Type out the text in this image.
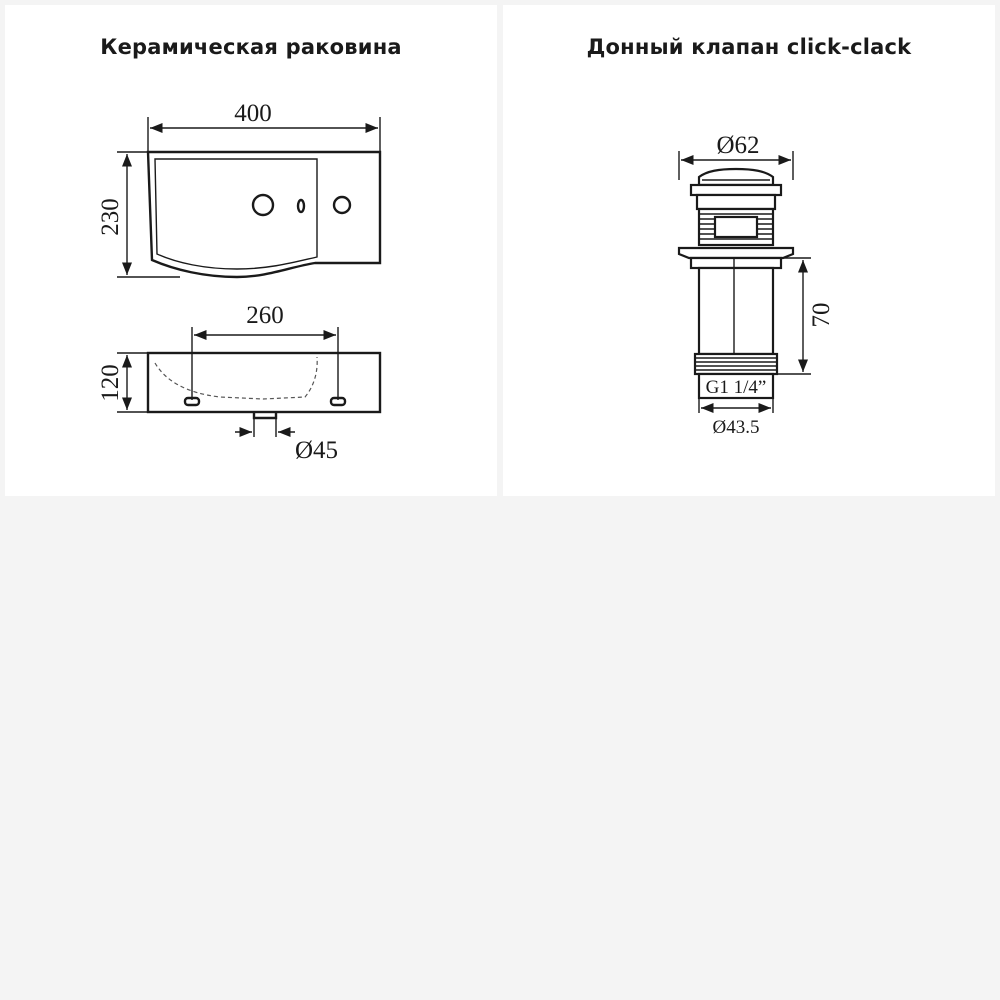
Керамическая раковина
400
230
260
120
Ø45
Донный клапан click-clack
Ø62
G1 1/4”
Ø43.5
70
